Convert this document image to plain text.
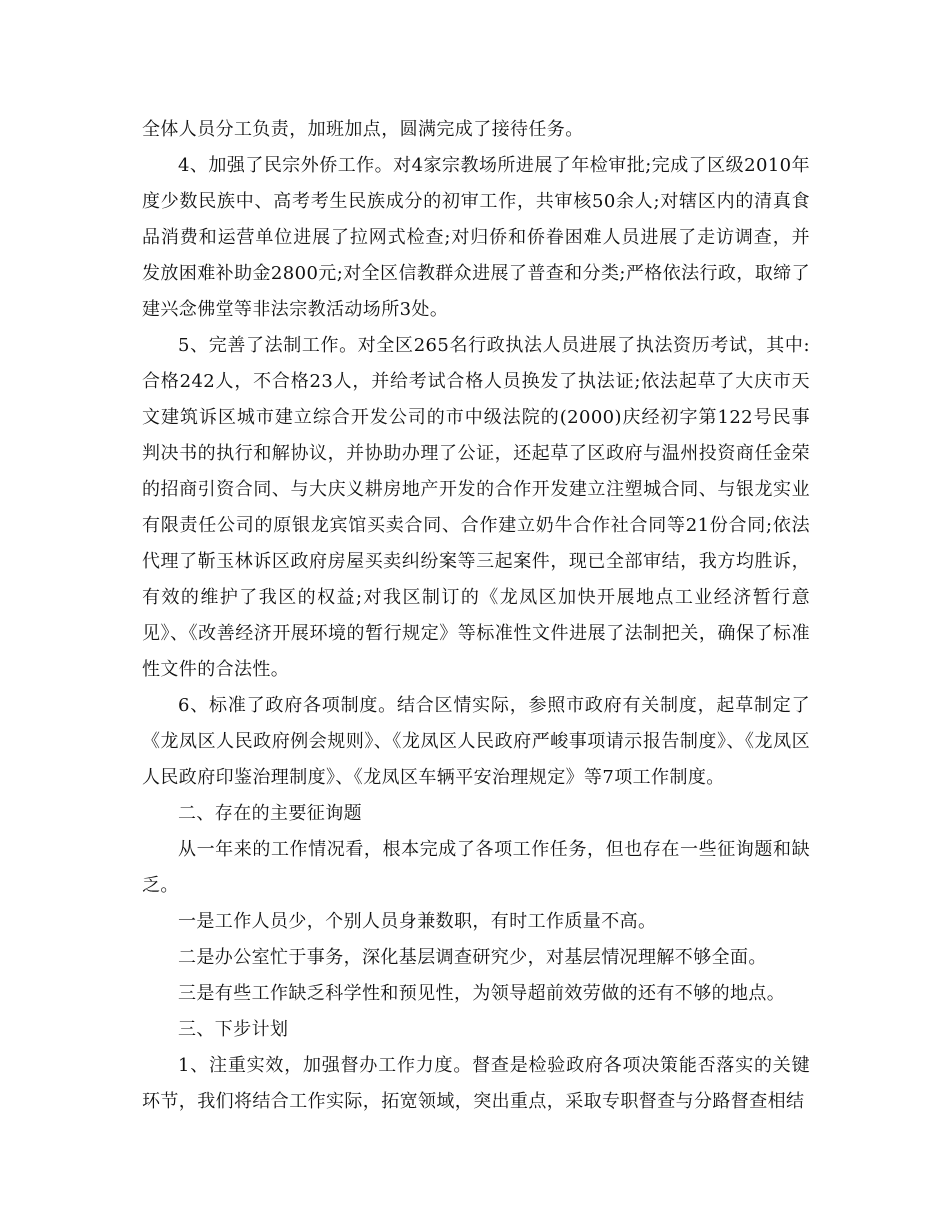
全体人员分工负责，加班加点，圆满完成了接待任务。

4、加强了民宗外侨工作。对4家宗教场所进展了年检审批;完成了区级2010年度少数民族中、高考考生民族成分的初审工作，共审核50余人;对辖区内的清真食品消费和运营单位进展了拉网式检查;对归侨和侨眷困难人员进展了走访调查，并发放困难补助金2800元;对全区信教群众进展了普查和分类;严格依法行政，取缔了建兴念佛堂等非法宗教活动场所3处。

5、完善了法制工作。对全区265名行政执法人员进展了执法资历考试，其中:合格242人，不合格23人，并给考试合格人员换发了执法证;依法起草了大庆市天文建筑诉区城市建立综合开发公司的市中级法院的(2000)庆经初字第122号民事判决书的执行和解协议，并协助办理了公证，还起草了区政府与温州投资商任金荣的招商引资合同、与大庆义耕房地产开发的合作开发建立注塑城合同、与银龙实业有限责任公司的原银龙宾馆买卖合同、合作建立奶牛合作社合同等21份合同;依法代理了靳玉林诉区政府房屋买卖纠纷案等三起案件，现已全部审结，我方均胜诉，有效的维护了我区的权益;对我区制订的《龙凤区加快开展地点工业经济暂行意见》、《改善经济开展环境的暂行规定》等标准性文件进展了法制把关，确保了标准性文件的合法性。

6、标准了政府各项制度。结合区情实际，参照市政府有关制度，起草制定了《龙凤区人民政府例会规则》、《龙凤区人民政府严峻事项请示报告制度》、《龙凤区人民政府印鉴治理制度》、《龙凤区车辆平安治理规定》等7项工作制度。

二、存在的主要征询题

从一年来的工作情况看，根本完成了各项工作任务，但也存在一些征询题和缺乏。

一是工作人员少，个别人员身兼数职，有时工作质量不高。

二是办公室忙于事务，深化基层调查研究少，对基层情况理解不够全面。

三是有些工作缺乏科学性和预见性，为领导超前效劳做的还有不够的地点。

三、下步计划

1、注重实效，加强督办工作力度。督查是检验政府各项决策能否落实的关键环节，我们将结合工作实际，拓宽领域，突出重点，采取专职督查与分路督查相结
